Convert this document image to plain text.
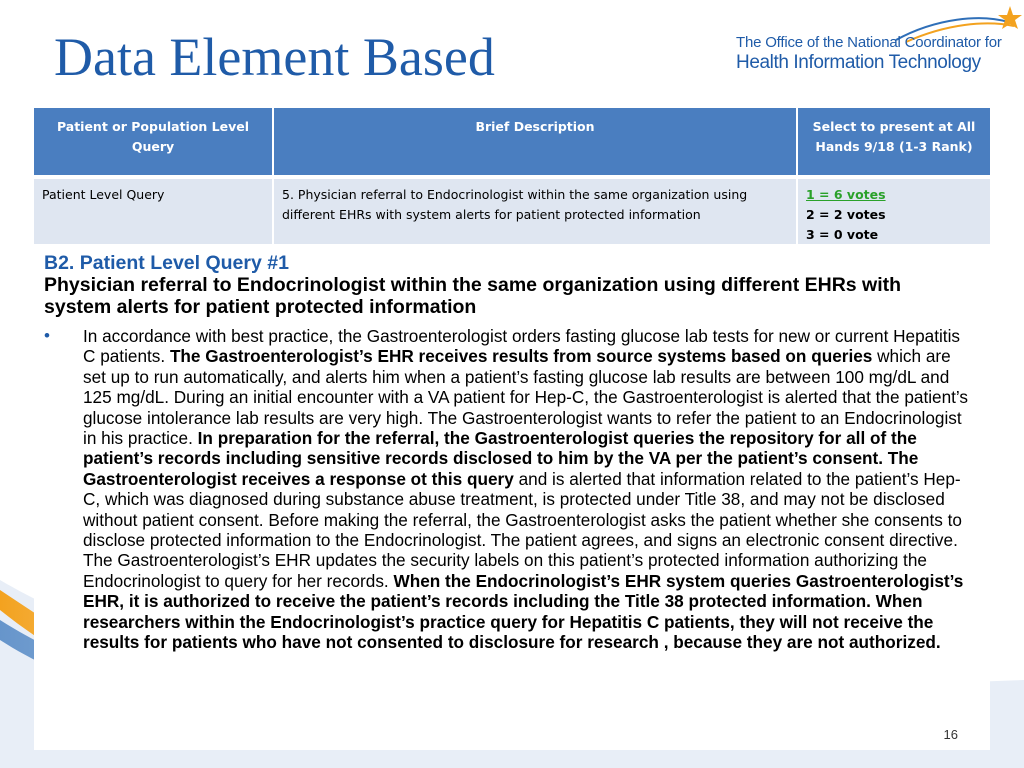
Data Element Based	The Office of the National Coordinator for
Health Information Technology
Patient or Population Level Query	Brief Description	Select to present at All Hands 9/18 (1-3 Rank)
Patient Level Query	5. Physician referral to Endocrinologist within the same organization using different EHRs with system alerts for patient protected information	1 = 6 votes
2 = 2 votes
3 = 0 vote
B2. Patient Level Query #1
Physician referral to Endocrinologist within the same organization using different EHRs with system alerts for patient protected information
• In accordance with best practice, the Gastroenterologist orders fasting glucose lab tests for new or current Hepatitis C patients. The Gastroenterologist’s EHR receives results from source systems based on queries which are set up to run automatically, and alerts him when a patient’s fasting glucose lab results are between 100 mg/dL and 125 mg/dL. During an initial encounter with a VA patient for Hep-C, the Gastroenterologist is alerted that the patient’s glucose intolerance lab results are very high. The Gastroenterologist wants to refer the patient to an Endocrinologist in his practice. In preparation for the referral, the Gastroenterologist queries the repository for all of the patient’s records including sensitive records disclosed to him by the VA per the patient’s consent. The Gastroenterologist receives a response ot this query and is alerted that information related to the patient’s Hep-C, which was diagnosed during substance abuse treatment, is protected under Title 38, and may not be disclosed without patient consent. Before making the referral, the Gastroenterologist asks the patient whether she consents to disclose protected information to the Endocrinologist. The patient agrees, and signs an electronic consent directive. The Gastroenterologist’s EHR updates the security labels on this patient’s protected information authorizing the Endocrinologist to query for her records. When the Endocrinologist’s EHR system queries Gastroenterologist’s EHR, it is authorized to receive the patient’s records including the Title 38 protected information. When researchers within the Endocrinologist’s practice query for Hepatitis C patients, they will not receive the results for patients who have not consented to disclosure for research , because they are not authorized.
16
